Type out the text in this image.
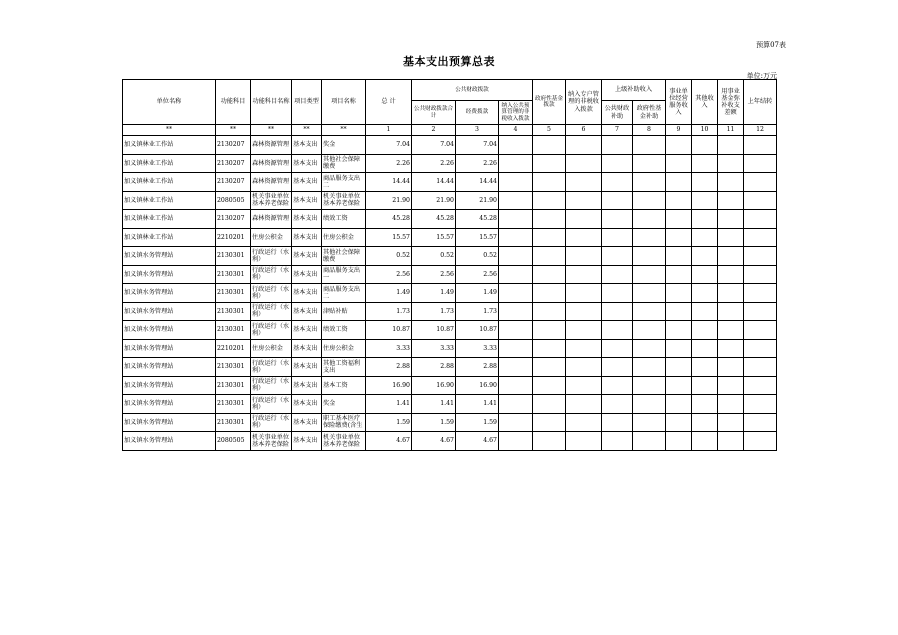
预算07表
基本支出预算总表
单位:万元
单位名称	功能科目	功能科目名称	项目类型	项目名称	总 计	公共财政拨款			政府性基金拨款	纳入专户管理的非税收入拨款	上级补助收入		事业单位经营服务收入	其他收入	用事业基金弥补收支差额	上年结转
						公共财政拨款合计	经费拨款	纳入公共预算管理的非税收入拨款			公共财政补助	政府性基金补助				
**	**	**	**	**	1	2	3	4	5	6	7	8	9	10	11	12
加义镇林业工作站	2130207	森林资源管理	基本支出	奖金	7.04	7.04	7.04									
加义镇林业工作站	2130207	森林资源管理	基本支出	其他社会保障缴费	2.26	2.26	2.26									
加义镇林业工作站	2130207	森林资源管理	基本支出	商品服务支出二	14.44	14.44	14.44									
加义镇林业工作站	2080505	机关事业单位基本养老保险	基本支出	机关事业单位基本养老保险	21.90	21.90	21.90									
加义镇林业工作站	2130207	森林资源管理	基本支出	绩效工资	45.28	45.28	45.28									
加义镇林业工作站	2210201	住房公积金	基本支出	住房公积金	15.57	15.57	15.57									
加义镇水务管理站	2130301	行政运行（水利）	基本支出	其他社会保障缴费	0.52	0.52	0.52									
加义镇水务管理站	2130301	行政运行（水利）	基本支出	商品服务支出一	2.56	2.56	2.56									
加义镇水务管理站	2130301	行政运行（水利）	基本支出	商品服务支出二	1.49	1.49	1.49									
加义镇水务管理站	2130301	行政运行（水利）	基本支出	津贴补贴	1.73	1.73	1.73									
加义镇水务管理站	2130301	行政运行（水利）	基本支出	绩效工资	10.87	10.87	10.87									
加义镇水务管理站	2210201	住房公积金	基本支出	住房公积金	3.33	3.33	3.33									
加义镇水务管理站	2130301	行政运行（水利）	基本支出	其他工资福利支出	2.88	2.88	2.88									
加义镇水务管理站	2130301	行政运行（水利）	基本支出	基本工资	16.90	16.90	16.90									
加义镇水务管理站	2130301	行政运行（水利）	基本支出	奖金	1.41	1.41	1.41									
加义镇水务管理站	2130301	行政运行（水利）	基本支出	职工基本医疗保险缴费(含生	1.59	1.59	1.59									
加义镇水务管理站	2080505	机关事业单位基本养老保险	基本支出	机关事业单位基本养老保险	4.67	4.67	4.67									
